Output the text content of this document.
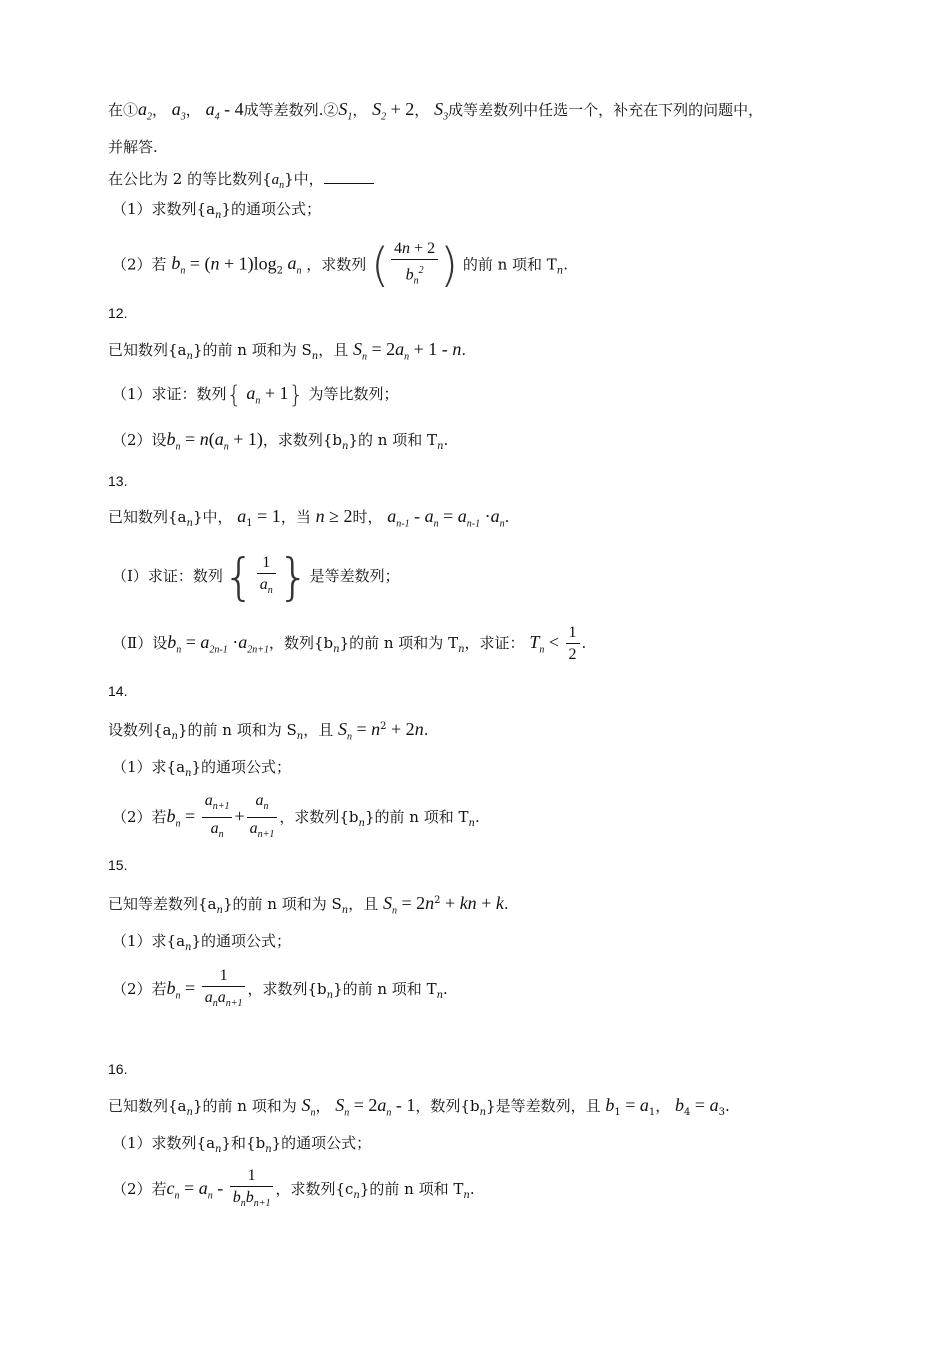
在$①a_2$， $a_3$， $a_4 - 4$成等差数列$.②S_1$， $S_2 + 2$， $S_3$成等差数列中任选一个，补充在下列的问题中，
并解答.
在公比为 2 的等比数列$\{a_n\}$中，
（1）求数列$\{a_n\}$的通项公式；
（2）若 $b_n = (n + 1)\log_2$ $a_n$ ，求数列 ( $\frac{4n + 2}{b_n^2}$ ) 的前 n 项和 $T_n$.
12.
已知数列$\{a_n\}$的前 n 项和为 $S_n$，且 $S_n = 2a_n + 1 - n$.
（1）求证：数列{ $a_n + 1$} 为等比数列；
（2）设$b_n = n(a_n + 1)$，求数列$\{b_n\}$的 n 项和 $T_n$.
13.
已知数列$\{a_n\}$中， $a_1 = 1$，当 n ≥ 2时， $a_{n-1} - a_n = a_{n-1} \cdot a_n$.
（Ⅰ）求证：数列{ $\frac{1}{a_n}$ }是等差数列；
（Ⅱ）设$b_n = a_{2n-1} \cdot a_{2n+1}$，数列$\{b_n\}$的前 n 项和为 $T_n$，求证： $T_n < \frac{1}{2}$ .
14.
设数列$\{a_n\}$的前 n 项和为 $S_n$，且 $S_n = n^2 + 2n$.
（1）求$\{a_n\}$的通项公式；
（2）若$b_n = \frac{a_{n+1}}{a_n} + \frac{a_n}{a_{n+1}}$ ，求数列$\{b_n\}$的前 n 项和 $T_n$.
15.
已知等差数列$\{a_n\}$的前 n 项和为 $S_n$，且 $S_n = 2n^2$ + kn + k.
（1）求$\{a_n\}$的通项公式；
（2）若$b_n = \frac{1}{a_na_{n+1}}$ ，求数列$\{b_n\}$的前 n 项和 $T_n$.
16.
已知数列$\{a_n\}$的前 n 项和为 $S_n$， $S_n = 2a_n - 1$，数列$\{b_n\}$是等差数列，且 $b_1 = a_1$， $b_4 = a_3$.
（1）求数列$\{a_n\}$和$\{b_n\}$的通项公式；
（2）若$c_n = a_n - \frac{1}{b_nb_{n+1}}$ ，求数列$\{c_n\}$的前 n 项和 $T_n$.
